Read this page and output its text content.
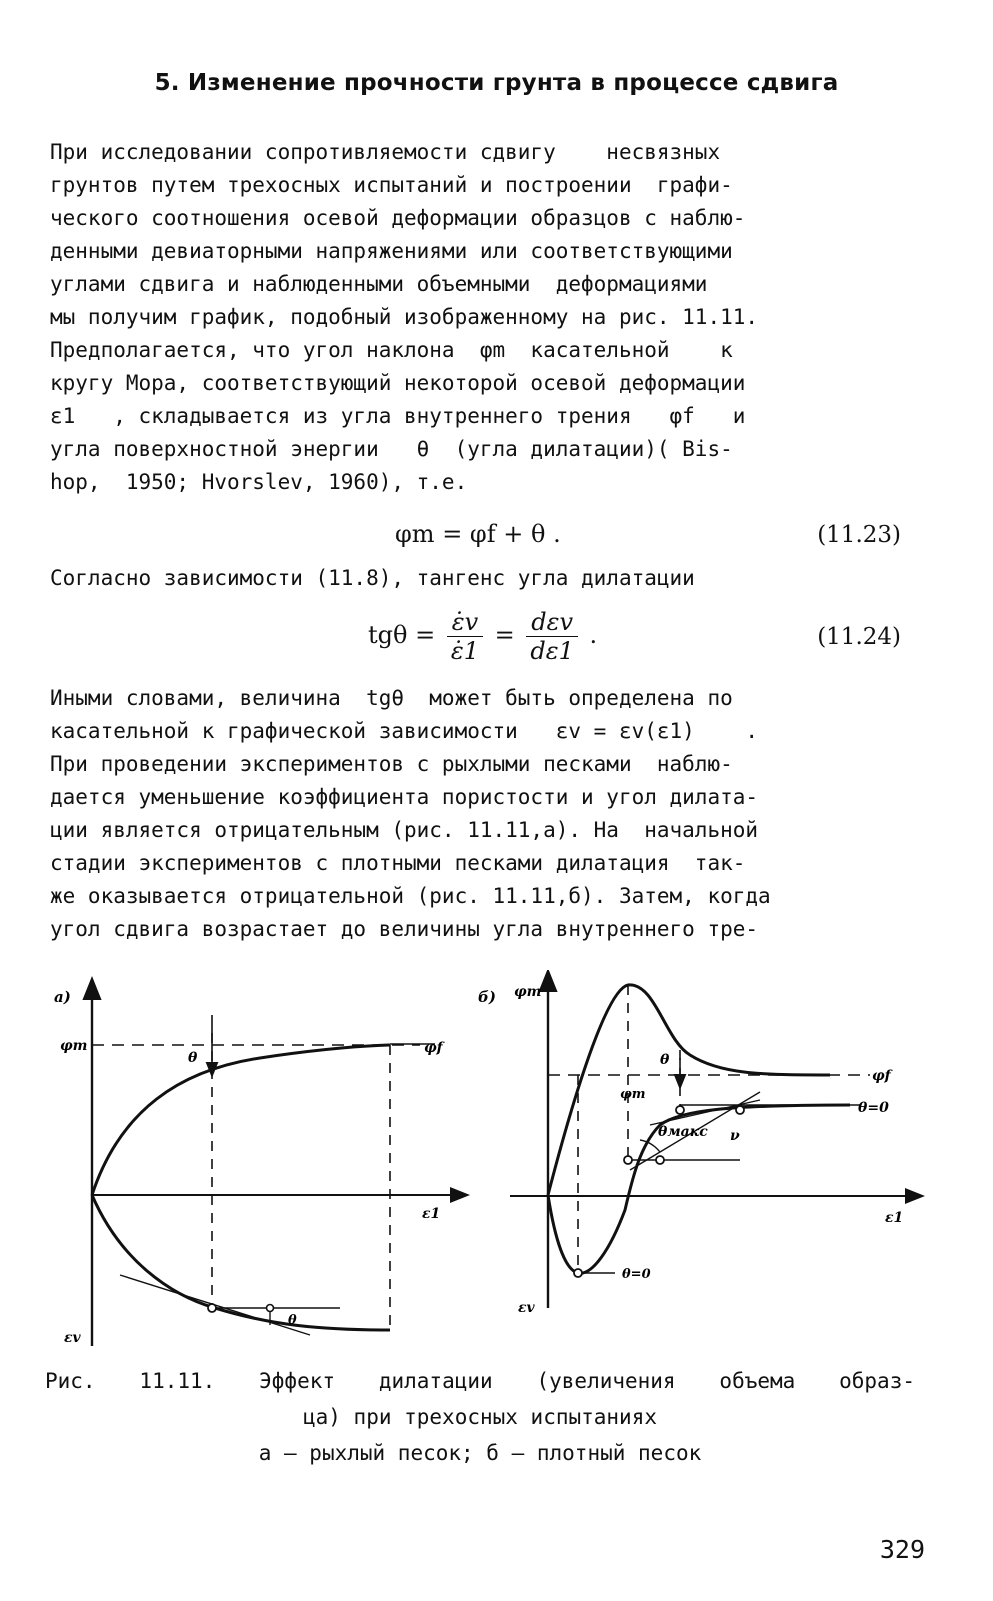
5. Изменение прочности грунта в процессе сдвига
При исследовании сопротивляемости сдвигу    несвязных
грунтов путем трехосных испытаний и построении  графи-
ческого соотношения осевой деформации образцов с наблю-
денными девиаторными напряжениями или соответствующими
углами сдвига и наблюденными объемными  деформациями
мы получим график, подобный изображенному на рис. 11.11.
Предполагается, что угол наклона  φm  касательной    к
кругу Мора, соответствующий некоторой осевой деформации
ε1   , складывается из угла внутреннего трения   φf   и
угла поверхностной энергии   θ  (угла дилатации)( Bis-
hop,  1950; Hvorslev, 1960), т.е.
φm = φf + θ .	(11.23)
Согласно зависимости (11.8), тангенс угла дилатации
$tg\theta = \frac{\varepsiloṅv}{\varepsiloṅ1} = \frac{\text{dεv}}{d\varepsilon 1}$ .	(11.24)
Иными словами, величина  tgθ  может быть определена по
касательной к графической зависимости   εv = εv(ε1)    .
При проведении экспериментов с рыхлыми песками  наблю-
дается уменьшение коэффициента пористости и угол дилата-
ции является отрицательным (рис. 11.11,а). На  начальной
стадии экспериментов с плотными песками дилатация  так-
же оказывается отрицательной (рис. 11.11,б). Затем, когда
угол сдвига возрастает до величины угла внутреннего тре-
а)
φm	φf
θ
ε1
εv
θ
б) φm
θ
φf
θ=0
φm
θмакс ν
ε1
θ=0
εv
Рис. 11.11. Эффект дилатации (увеличения объема образ-
ца) при трехосных испытаниях
а – рыхлый песок; б – плотный песок
329
